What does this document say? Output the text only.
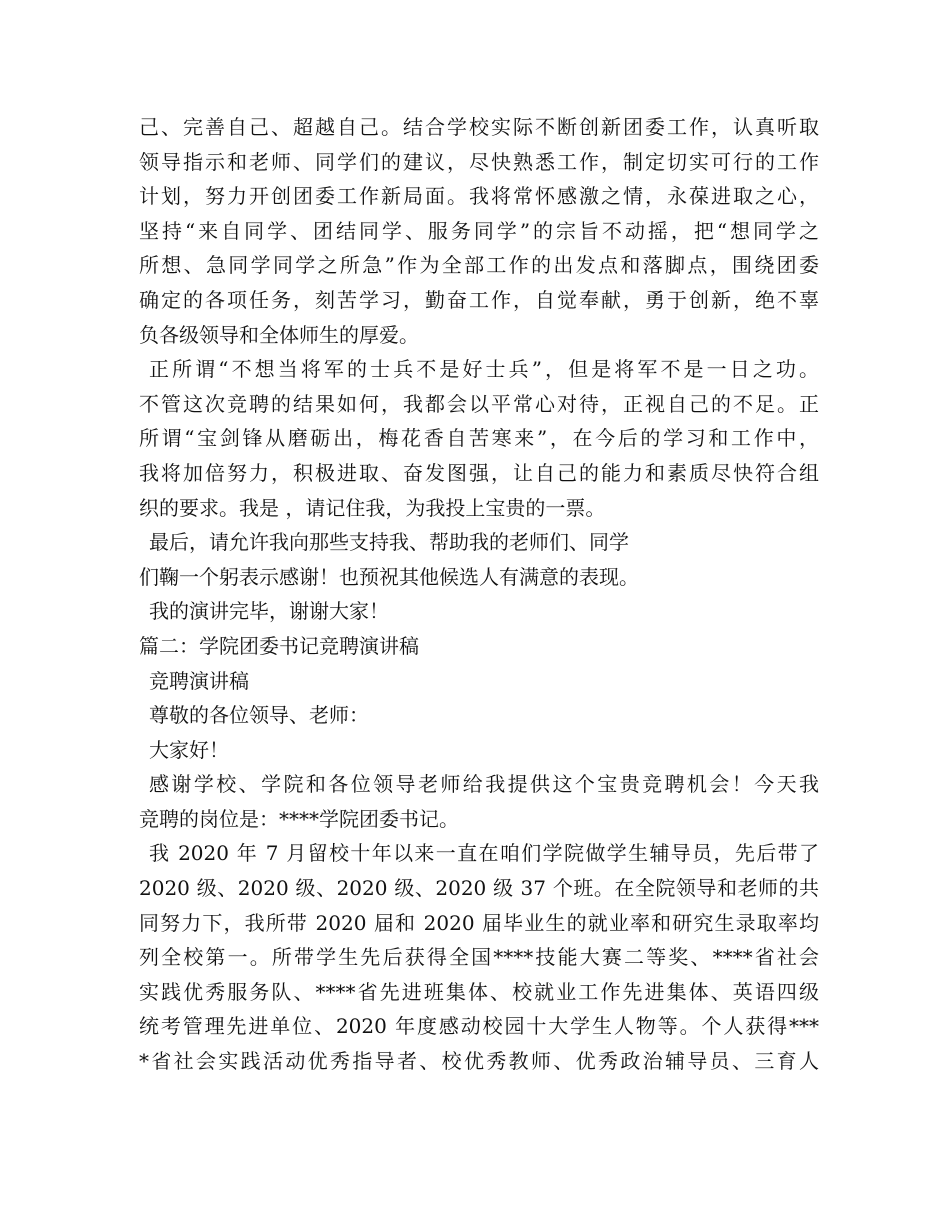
己、完善自己、超越自己。结合学校实际不断创新团委工作，认真听取
领导指示和老师、同学们的建议，尽快熟悉工作，制定切实可行的工作
计划，努力开创团委工作新局面。我将常怀感激之情，永葆进取之心，
坚持“来自同学、团结同学、服务同学”的宗旨不动摇，把“想同学之
所想、急同学同学之所急”作为全部工作的出发点和落脚点，围绕团委
确定的各项任务，刻苦学习，勤奋工作，自觉奉献，勇于创新，绝不辜
负各级领导和全体师生的厚爱。
正所谓“不想当将军的士兵不是好士兵”，但是将军不是一日之功。
不管这次竞聘的结果如何，我都会以平常心对待，正视自己的不足。正
所谓“宝剑锋从磨砺出，梅花香自苦寒来”，在今后的学习和工作中，
我将加倍努力，积极进取、奋发图强，让自己的能力和素质尽快符合组
织的要求。我是 ，请记住我，为我投上宝贵的一票。
最后，请允许我向那些支持我、帮助我的老师们、同学
们鞠一个躬表示感谢！也预祝其他候选人有满意的表现。
我的演讲完毕，谢谢大家！
篇二：学院团委书记竞聘演讲稿
竞聘演讲稿
尊敬的各位领导、老师：
大家好！
感谢学校、学院和各位领导老师给我提供这个宝贵竞聘机会！今天我
竞聘的岗位是：****学院团委书记。
我 2020 年 7 月留校十年以来一直在咱们学院做学生辅导员，先后带了
2020 级、2020 级、2020 级、2020 级 37 个班。在全院领导和老师的共
同努力下，我所带 2020 届和 2020 届毕业生的就业率和研究生录取率均
列全校第一。所带学生先后获得全国****技能大赛二等奖、****省社会
实践优秀服务队、****省先进班集体、校就业工作先进集体、英语四级
统考管理先进单位、2020 年度感动校园十大学生人物等。个人获得***
*省社会实践活动优秀指导者、校优秀教师、优秀政治辅导员、三育人
